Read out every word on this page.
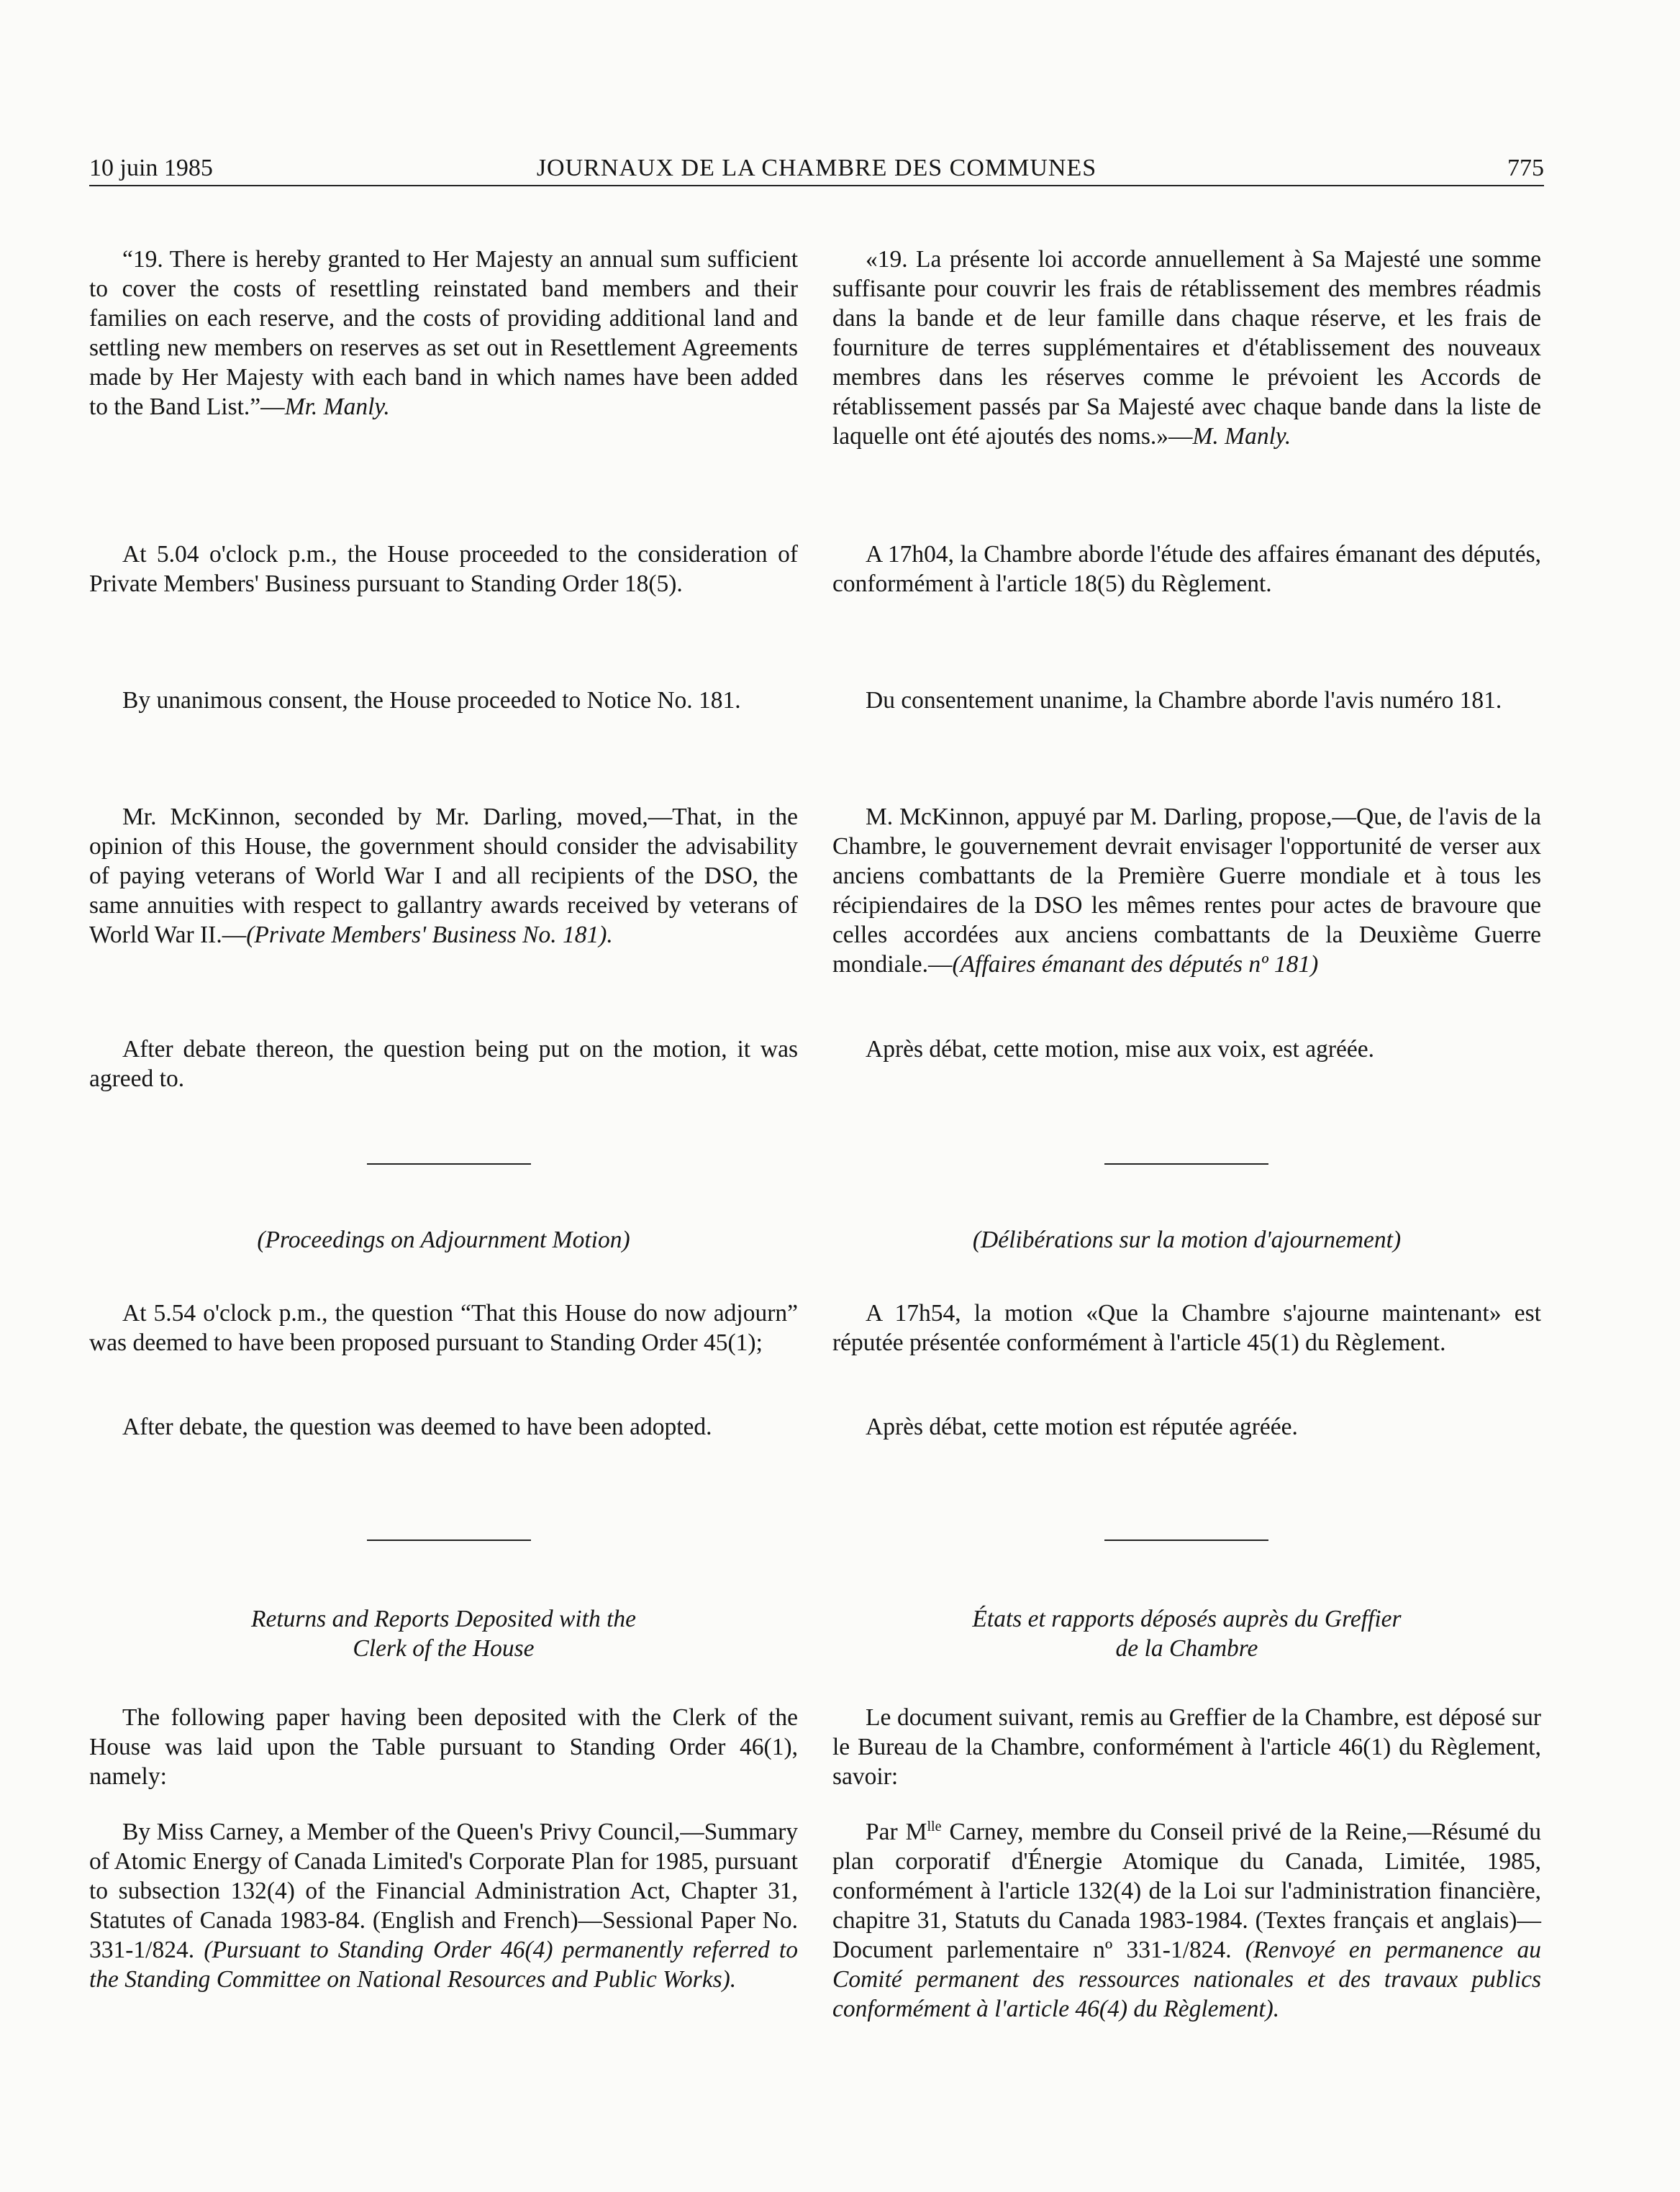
10 juin 1985	JOURNAUX DE LA CHAMBRE DES COMMUNES	775

“19. There is hereby granted to Her Majesty an annual sum sufficient to cover the costs of resettling reinstated band members and their families on each reserve, and the costs of providing additional land and settling new members on reserves as set out in Resettlement Agreements made by Her Majesty with each band in which names have been added to the Band List.”—Mr. Manly.

At 5.04 o'clock p.m., the House proceeded to the consideration of Private Members' Business pursuant to Standing Order 18(5).

By unanimous consent, the House proceeded to Notice No. 181.

Mr. McKinnon, seconded by Mr. Darling, moved,—That, in the opinion of this House, the government should consider the advisability of paying veterans of World War I and all recipients of the DSO, the same annuities with respect to gallantry awards received by veterans of World War II.—(Private Members' Business No. 181).

After debate thereon, the question being put on the motion, it was agreed to.

(Proceedings on Adjournment Motion)

At 5.54 o'clock p.m., the question “That this House do now adjourn” was deemed to have been proposed pursuant to Standing Order 45(1);

After debate, the question was deemed to have been adopted.

Returns and Reports Deposited with the
Clerk of the House

The following paper having been deposited with the Clerk of the House was laid upon the Table pursuant to Standing Order 46(1), namely:

By Miss Carney, a Member of the Queen's Privy Council,—Summary of Atomic Energy of Canada Limited's Corporate Plan for 1985, pursuant to subsection 132(4) of the Financial Administration Act, Chapter 31, Statutes of Canada 1983-84. (English and French)—Sessional Paper No. 331-1/824. (Pursuant to Standing Order 46(4) permanently referred to the Standing Committee on National Resources and Public Works).

«19. La présente loi accorde annuellement à Sa Majesté une somme suffisante pour couvrir les frais de rétablissement des membres réadmis dans la bande et de leur famille dans chaque réserve, et les frais de fourniture de terres supplémentaires et d'établissement des nouveaux membres dans les réserves comme le prévoient les Accords de rétablissement passés par Sa Majesté avec chaque bande dans la liste de laquelle ont été ajoutés des noms.»—M. Manly.

A 17h04, la Chambre aborde l'étude des affaires émanant des députés, conformément à l'article 18(5) du Règlement.

Du consentement unanime, la Chambre aborde l'avis numéro 181.

M. McKinnon, appuyé par M. Darling, propose,—Que, de l'avis de la Chambre, le gouvernement devrait envisager l'opportunité de verser aux anciens combattants de la Première Guerre mondiale et à tous les récipiendaires de la DSO les mêmes rentes pour actes de bravoure que celles accordées aux anciens combattants de la Deuxième Guerre mondiale.—(Affaires émanant des députés nº 181)

Après débat, cette motion, mise aux voix, est agréée.

(Délibérations sur la motion d'ajournement)

A 17h54, la motion «Que la Chambre s'ajourne maintenant» est réputée présentée conformément à l'article 45(1) du Règlement.

Après débat, cette motion est réputée agréée.

États et rapports déposés auprès du Greffier
de la Chambre

Le document suivant, remis au Greffier de la Chambre, est déposé sur le Bureau de la Chambre, conformément à l'article 46(1) du Règlement, savoir:

Par $M^{lle}$ Carney, membre du Conseil privé de la Reine,—Résumé du plan corporatif d'Énergie Atomique du Canada, Limitée, 1985, conformément à l'article 132(4) de la Loi sur l'administration financière, chapitre 31, Statuts du Canada 1983-1984. (Textes français et anglais)—Document parlementaire nº 331-1/824. (Renvoyé en permanence au Comité permanent des ressources nationales et des travaux publics conformément à l'article 46(4) du Règlement).
